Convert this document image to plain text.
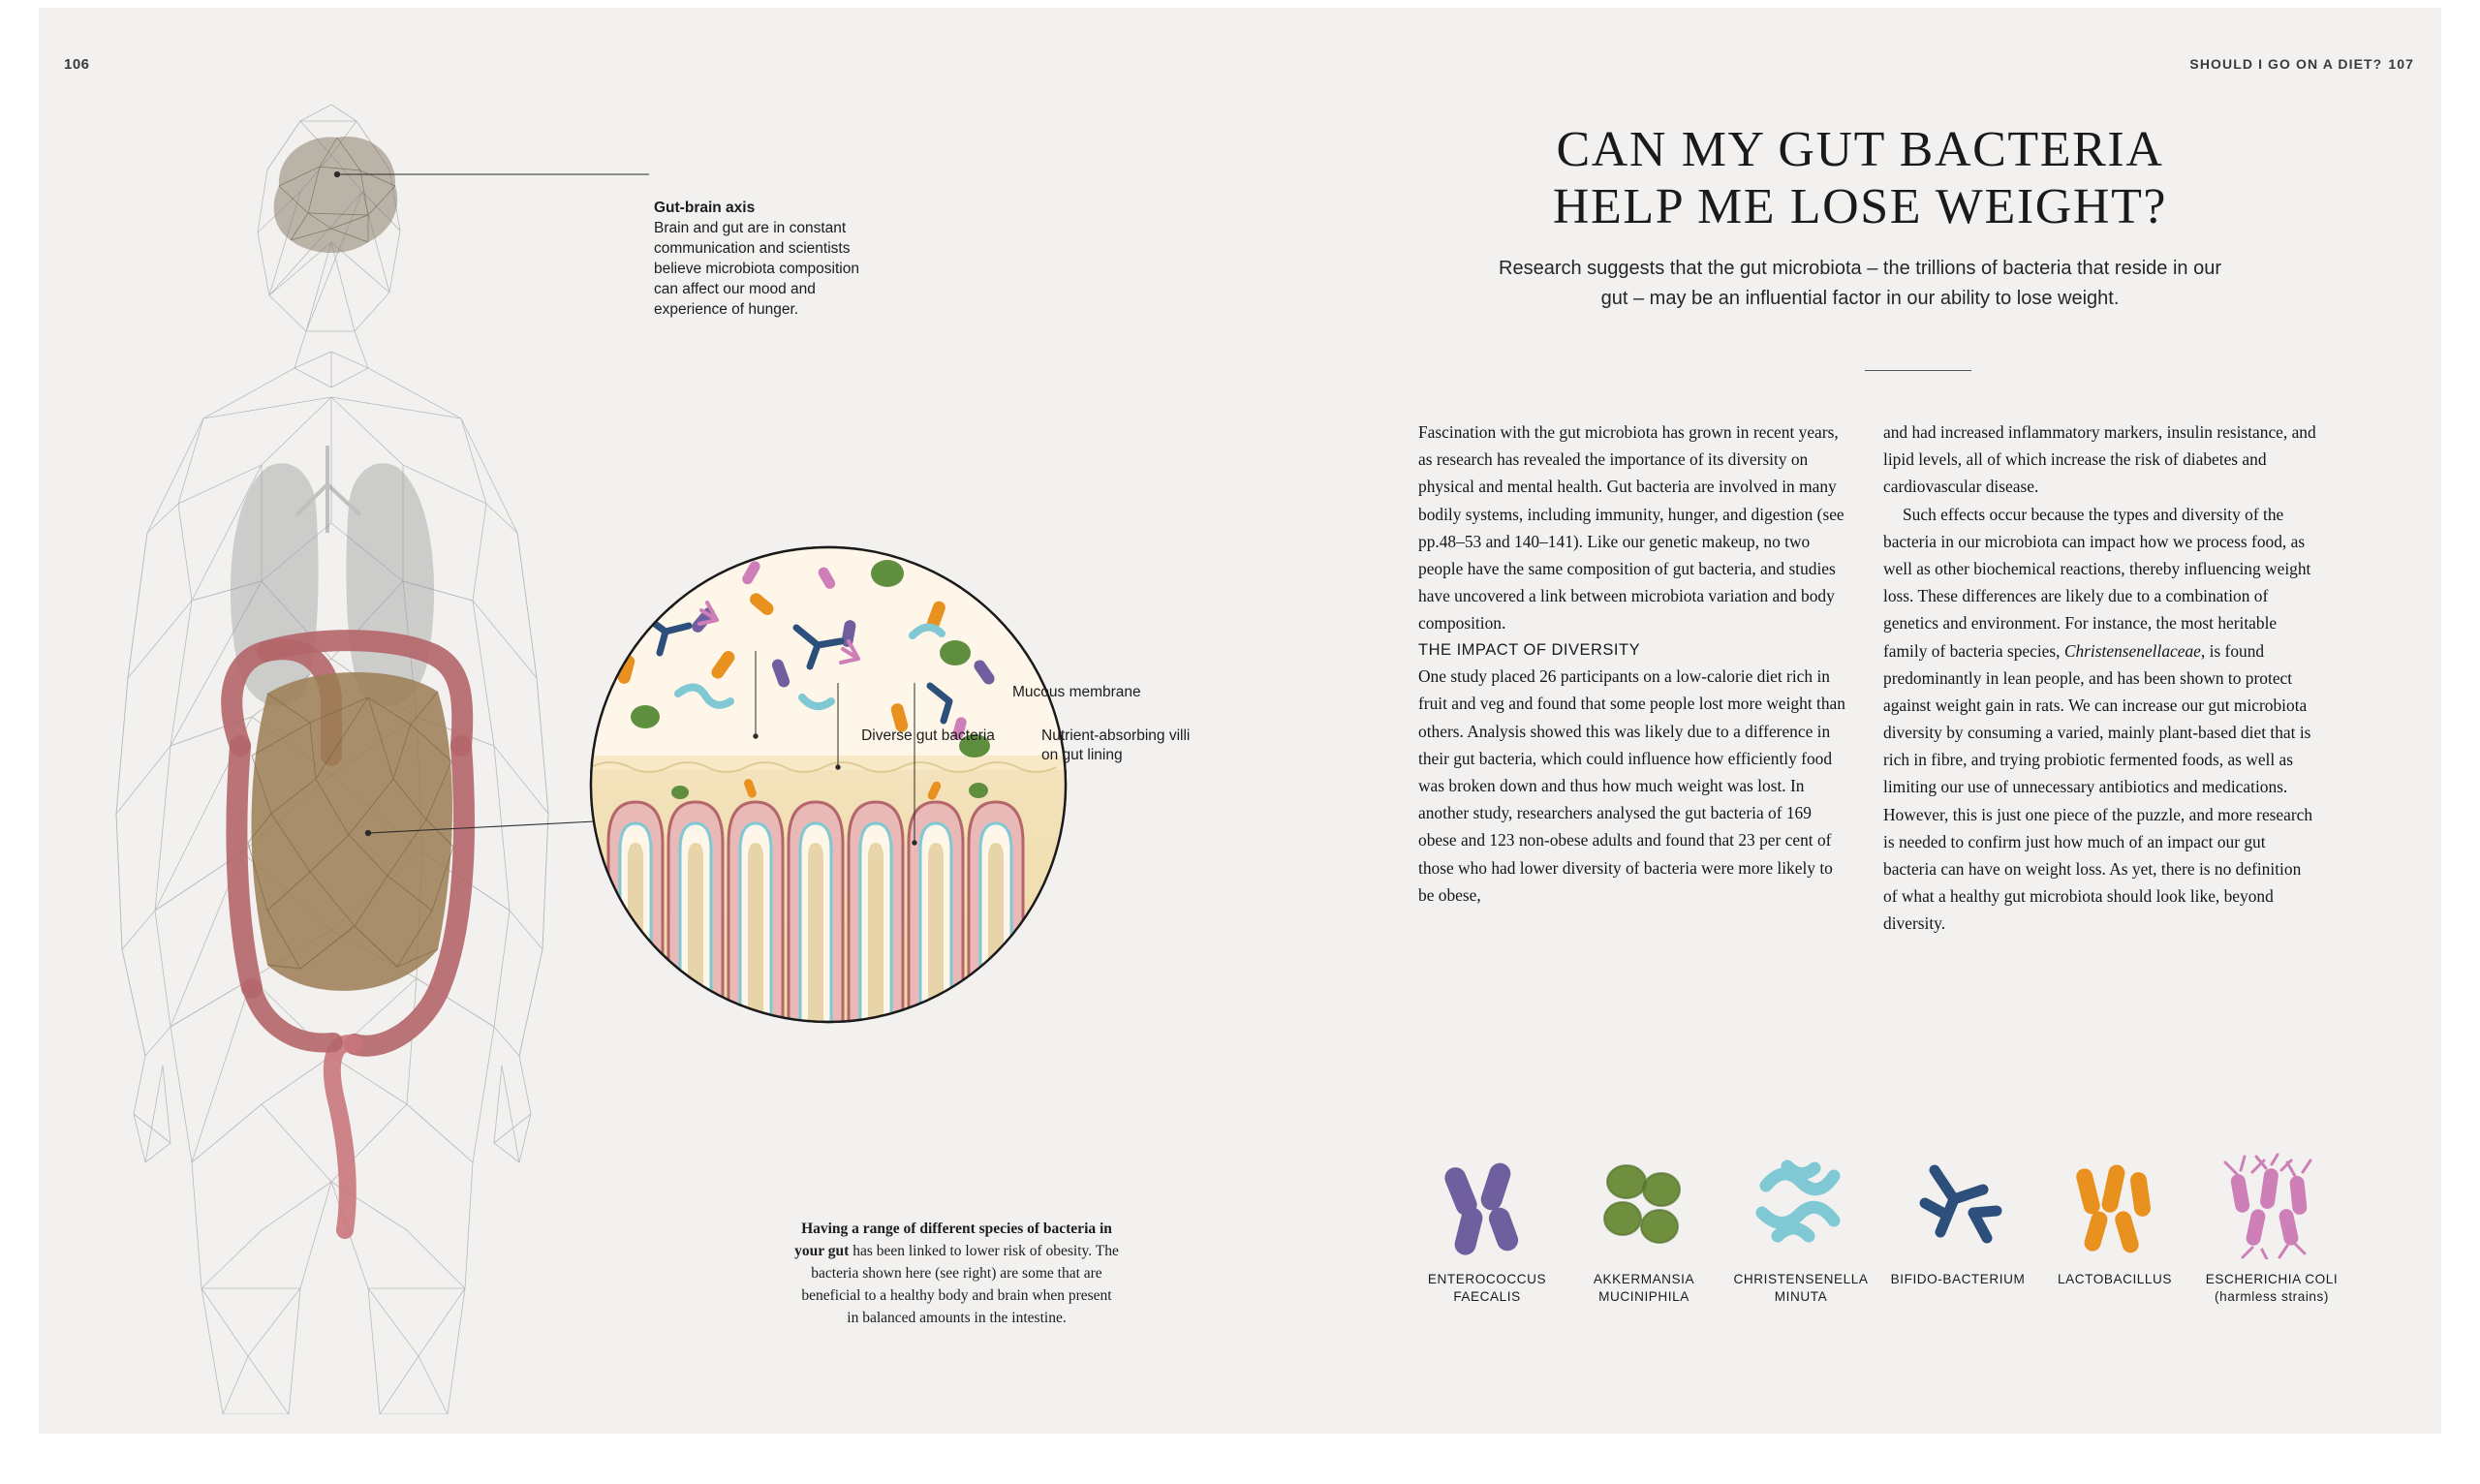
106	SHOULD I GO ON A DIET? 107
Gut-brain axis
Brain and gut are in constant communication and scientists believe microbiota composition can affect our mood and experience of hunger.
Mucous membrane
Diverse gut bacteria	Nutrient-absorbing villi on gut lining
Having a range of different species of bacteria in your gut has been linked to lower risk of obesity. The bacteria shown here (see right) are some that are beneficial to a healthy body and brain when present in balanced amounts in the intestine.
CAN MY GUT BACTERIA
HELP ME LOSE WEIGHT?
Research suggests that the gut microbiota – the trillions of bacteria that reside in our gut – may be an influential factor in our ability to lose weight.

Fascination with the gut microbiota has grown in recent years, as research has revealed the importance of its diversity on physical and mental health. Gut bacteria are involved in many bodily systems, including immunity, hunger, and digestion (see pp.48–53 and 140–141). Like our genetic makeup, no two people have the same composition of gut bacteria, and studies have uncovered a link between microbiota variation and body composition.

THE IMPACT OF DIVERSITY

One study placed 26 participants on a low-calorie diet rich in fruit and veg and found that some people lost more weight than others. Analysis showed this was likely due to a difference in their gut bacteria, which could influence how efficiently food was broken down and thus how much weight was lost. In another study, researchers analysed the gut bacteria of 169 obese and 123 non-obese adults and found that 23 per cent of those who had lower diversity of bacteria were more likely to be obese,

and had increased inflammatory markers, insulin resistance, and lipid levels, all of which increase the risk of diabetes and cardiovascular disease.

Such effects occur because the types and diversity of the bacteria in our microbiota can impact how we process food, as well as other biochemical reactions, thereby influencing weight loss. These differences are likely due to a combination of genetics and environment. For instance, the most heritable family of bacteria species, Christensenellaceae, is found predominantly in lean people, and has been shown to protect against weight gain in rats. We can increase our gut microbiota diversity by consuming a varied, mainly plant-based diet that is rich in fibre, and trying probiotic fermented foods, as well as limiting our use of unnecessary antibiotics and medications. However, this is just one piece of the puzzle, and more research is needed to confirm just how much of an impact our gut bacteria can have on weight loss. As yet, there is no definition of what a healthy gut microbiota should look like, beyond diversity.

ENTEROCOCCUS FAECALIS
AKKERMANSIA MUCINIPHILA
CHRISTENSENELLA MINUTA
BIFIDO-BACTERIUM	LACTOBACILLUS	ESCHERICHIA COLI (harmless strains)
